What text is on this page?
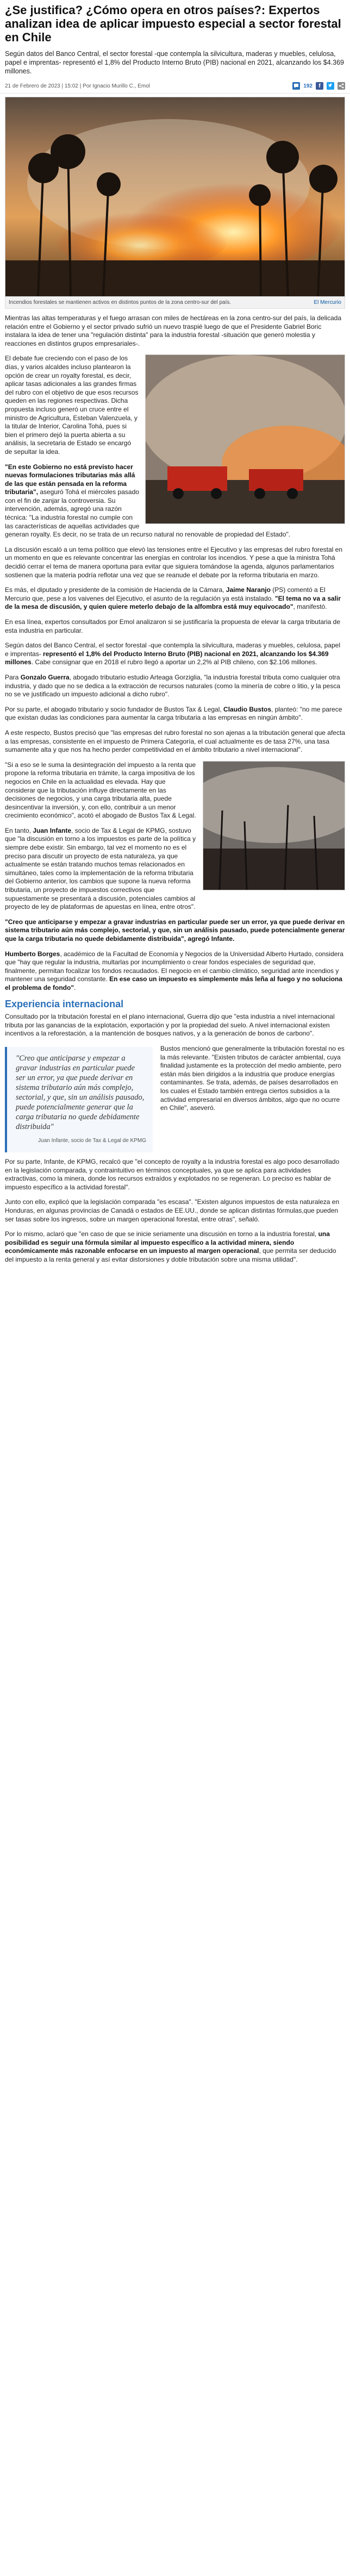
¿Se justifica? ¿Cómo opera en otros países?: Expertos analizan idea de aplicar impuesto especial a sector forestal en Chile

Según datos del Banco Central, el sector forestal -que contempla la silvicultura, maderas y muebles, celulosa, papel e imprentas- representó el 1,8% del Producto Interno Bruto (PIB) nacional en 2021, alcanzando los $4.369 millones.

21 de Febrero de 2023 | 15:02 | Por Ignacio Murillo C., Emol	192	f
Incendios forestales se mantienen activos en distintos puntos de la zona centro-sur del país.	El Mercurio

Mientras las altas temperaturas y el fuego arrasan con miles de hectáreas en la zona centro-sur del país, la delicada relación entre el Gobierno y el sector privado sufrió un nuevo traspié luego de que el Presidente Gabriel Boric instalara la idea de tener una "regulación distinta" para la industria forestal -situación que generó molestia y reacciones en distintos grupos empresariales-.

El debate fue creciendo con el paso de los días, y varios alcaldes incluso plantearon la opción de crear un royalty forestal, es decir, aplicar tasas adicionales a las grandes firmas del rubro con el objetivo de que esos recursos queden en las regiones respectivas. Dicha propuesta incluso generó un cruce entre el ministro de Agricultura, Esteban Valenzuela, y la titular de Interior, Carolina Tohá, pues si bien el primero dejó la puerta abierta a su análisis, la secretaria de Estado se encargó de sepultar la idea.

"En este Gobierno no está previsto hacer nuevas formulaciones tributarias más allá de las que están pensada en la reforma tributaria", aseguró Tohá el miércoles pasado con el fin de zanjar la controversia. Su intervención, además, agregó una razón técnica: "La industria forestal no cumple con las características de aquellas actividades que generan royalty. Es decir, no se trata de un recurso natural no renovable de propiedad del Estado".

La discusión escaló a un tema político que elevó las tensiones entre el Ejecutivo y las empresas del rubro forestal en un momento en que es relevante concentrar las energías en controlar los incendios. Y pese a que la ministra Tohá decidió cerrar el tema de manera oportuna para evitar que siguiera tomándose la agenda, algunos parlamentarios sostienen que la materia podría reflotar una vez que se reanude el debate por la reforma tributaria en marzo.

Es más, el diputado y presidente de la comisión de Hacienda de la Cámara, Jaime Naranjo (PS) comentó a El Mercurio que, pese a los vaivenes del Ejecutivo, el asunto de la regulación ya está instalado. "El tema no va a salir de la mesa de discusión, y quien quiere meterlo debajo de la alfombra está muy equivocado", manifestó.

En esa línea, expertos consultados por Emol analizaron si se justificaría la propuesta de elevar la carga tributaria de esta industria en particular.

Según datos del Banco Central, el sector forestal -que contempla la silvicultura, maderas y muebles, celulosa, papel e imprentas- representó el 1,8% del Producto Interno Bruto (PIB) nacional en 2021, alcanzando los $4.369 millones. Cabe consignar que en 2018 el rubro llegó a aportar un 2,2% al PIB chileno, con $2.106 millones.

Para Gonzalo Guerra, abogado tributario estudio Arteaga Gorziglia, "la industria forestal tributa como cualquier otra industria, y dado que no se dedica a la extracción de recursos naturales (como la minería de cobre o litio, y la pesca no se ve justificado un impuesto adicional a dicho rubro".

Por su parte, el abogado tributario y socio fundador de Bustos Tax & Legal, Claudio Bustos, planteó: "no me parece que existan dudas las condiciones para aumentar la carga tributaria a las empresas en ningún ámbito".

A este respecto, Bustos precisó que "las empresas del rubro forestal no son ajenas a la tributación general que afecta a las empresas, consistente en el impuesto de Primera Categoría, el cual actualmente es de tasa 27%, una tasa sumamente alta y que nos ha hecho perder competitividad en el ámbito tributario a nivel internacional".

"Si a eso se le suma la desintegración del impuesto a la renta que propone la reforma tributaria en trámite, la carga impositiva de los negocios en Chile en la actualidad es elevada. Hay que considerar que la tributación influye directamente en las decisiones de negocios, y una carga tributaria alta, puede desincentivar la inversión, y, con ello, contribuir a un menor crecimiento económico", acotó el abogado de Bustos Tax & Legal.

En tanto, Juan Infante, socio de Tax & Legal de KPMG, sostuvo que "la discusión en torno a los impuestos es parte de la política y siempre debe existir. Sin embargo, tal vez el momento no es el preciso para discutir un proyecto de esta naturaleza, ya que actualmente se están tratando muchos temas relacionados en simultáneo, tales como la implementación de la reforma tributaria del Gobierno anterior, los cambios que supone la nueva reforma tributaria, un proyecto de impuestos correctivos que supuestamente se presentará a discusión, potenciales cambios al proyecto de ley de plataformas de apuestas en línea, entre otros".

"Creo que anticiparse y empezar a gravar industrias en particular puede ser un error, ya que puede derivar en sistema tributario aún más complejo, sectorial, y que, sin un análisis pausado, puede potencialmente generar que la carga tributaria no quede debidamente distribuida", agregó Infante.

Humberto Borges, académico de la Facultad de Economía y Negocios de la Universidad Alberto Hurtado, considera que "hay que regular la industria, multarlas por incumplimiento o crear fondos especiales de seguridad que, finalmente, permitan focalizar los fondos recaudados. El negocio en el cambio climático, seguridad ante incendios y mantener una seguridad constante. En ese caso un impuesto es simplemente más leña al fuego y no soluciona el problema de fondo".

Experiencia internacional

Consultado por la tributación forestal en el plano internacional, Guerra dijo que "esta industria a nivel internacional tributa por las ganancias de la explotación, exportación y por la propiedad del suelo. A nivel internacional existen incentivos a la reforestación, a la mantención de bosques nativos, y a la generación de bonos de carbono".

"Creo que anticiparse y empezar a gravar industrias en particular puede ser un error, ya que puede derivar en sistema tributario aún más complejo, sectorial, y que, sin un análisis pausado, puede potencialmente generar que la carga tributaria no quede debidamente distribuida"
Juan Infante, socio de Tax & Legal de KPMG

Bustos mencionó que generalmente la tributación forestal no es la más relevante. "Existen tributos de carácter ambiental, cuya finalidad justamente es la protección del medio ambiente, pero están más bien dirigidos a la industria que produce energías contaminantes. Se trata, además, de países desarrollados en los cuales el Estado también entrega ciertos subsidios a la actividad empresarial en diversos ámbitos, algo que no ocurre en Chile", aseveró.

Por su parte, Infante, de KPMG, recalcó que "el concepto de royalty a la industria forestal es algo poco desarrollado en la legislación comparada, y contraintuitivo en términos conceptuales, ya que se aplica para actividades extractivas, como la minera, donde los recursos extraídos y explotados no se regeneran. Lo preciso es hablar de impuesto específico a la actividad forestal".

Junto con ello, explicó que la legislación comparada "es escasa". "Existen algunos impuestos de esta naturaleza en Honduras, en algunas provincias de Canadá o estados de EE.UU., donde se aplican distintas fórmulas,que pueden ser tasas sobre los ingresos, sobre un margen operacional forestal, entre otras", señaló.

Por lo mismo, aclaró que "en caso de que se inicie seriamente una discusión en torno a la industria forestal, una posibilidad es seguir una fórmula similar al impuesto específico a la actividad minera, siendo económicamente más razonable enfocarse en un impuesto al margen operacional, que permita ser deducido del impuesto a la renta general y así evitar distorsiones y doble tributación sobre una misma utilidad".
